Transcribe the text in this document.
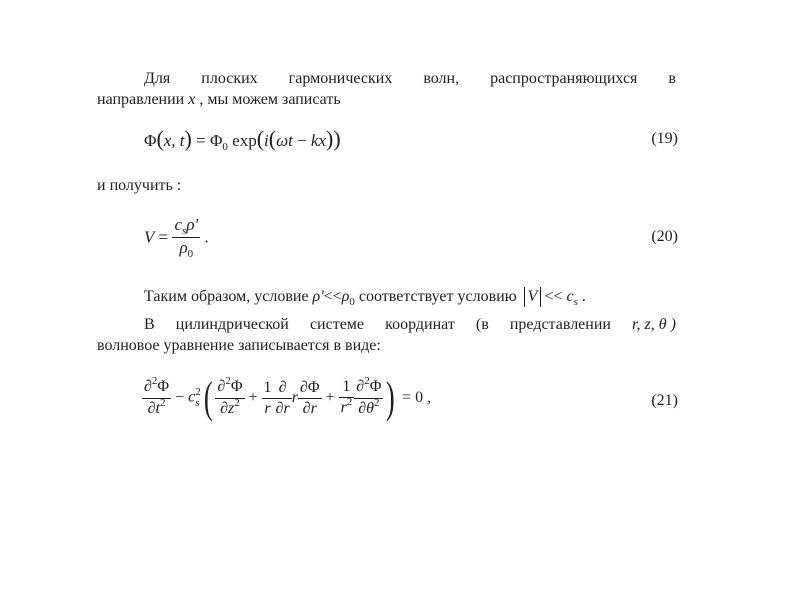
Для плоских гармонических волн, распространяющихся в
направлении x , мы можем записать
Φ(x, $t) = \Phi_0$ exp(i(ωt − kx))	(19)
и получить :
$V = \frac{c_s\rho'}{\rho_0}$ .	(20)
Таким образом, условие $\rho'<<\rho_0$ соответствует условию $V << c_s$ .
В цилиндрической системе координат (в представлении r, z, θ )
волновое уравнение записывается в виде:
$\frac{\partial^2\Phi}{\partial t^2} - c$ 2
s ( $\frac{\partial^2\Phi}{\partial z^2} + \frac{1}{r} \frac{\partial}{\partial r}$ r $\frac{\partial\Phi}{\partial r} + \frac{1}{r^2} \frac{\partial^2\Phi}{\partial\theta^2}$ ) = 0 ,	(21)
